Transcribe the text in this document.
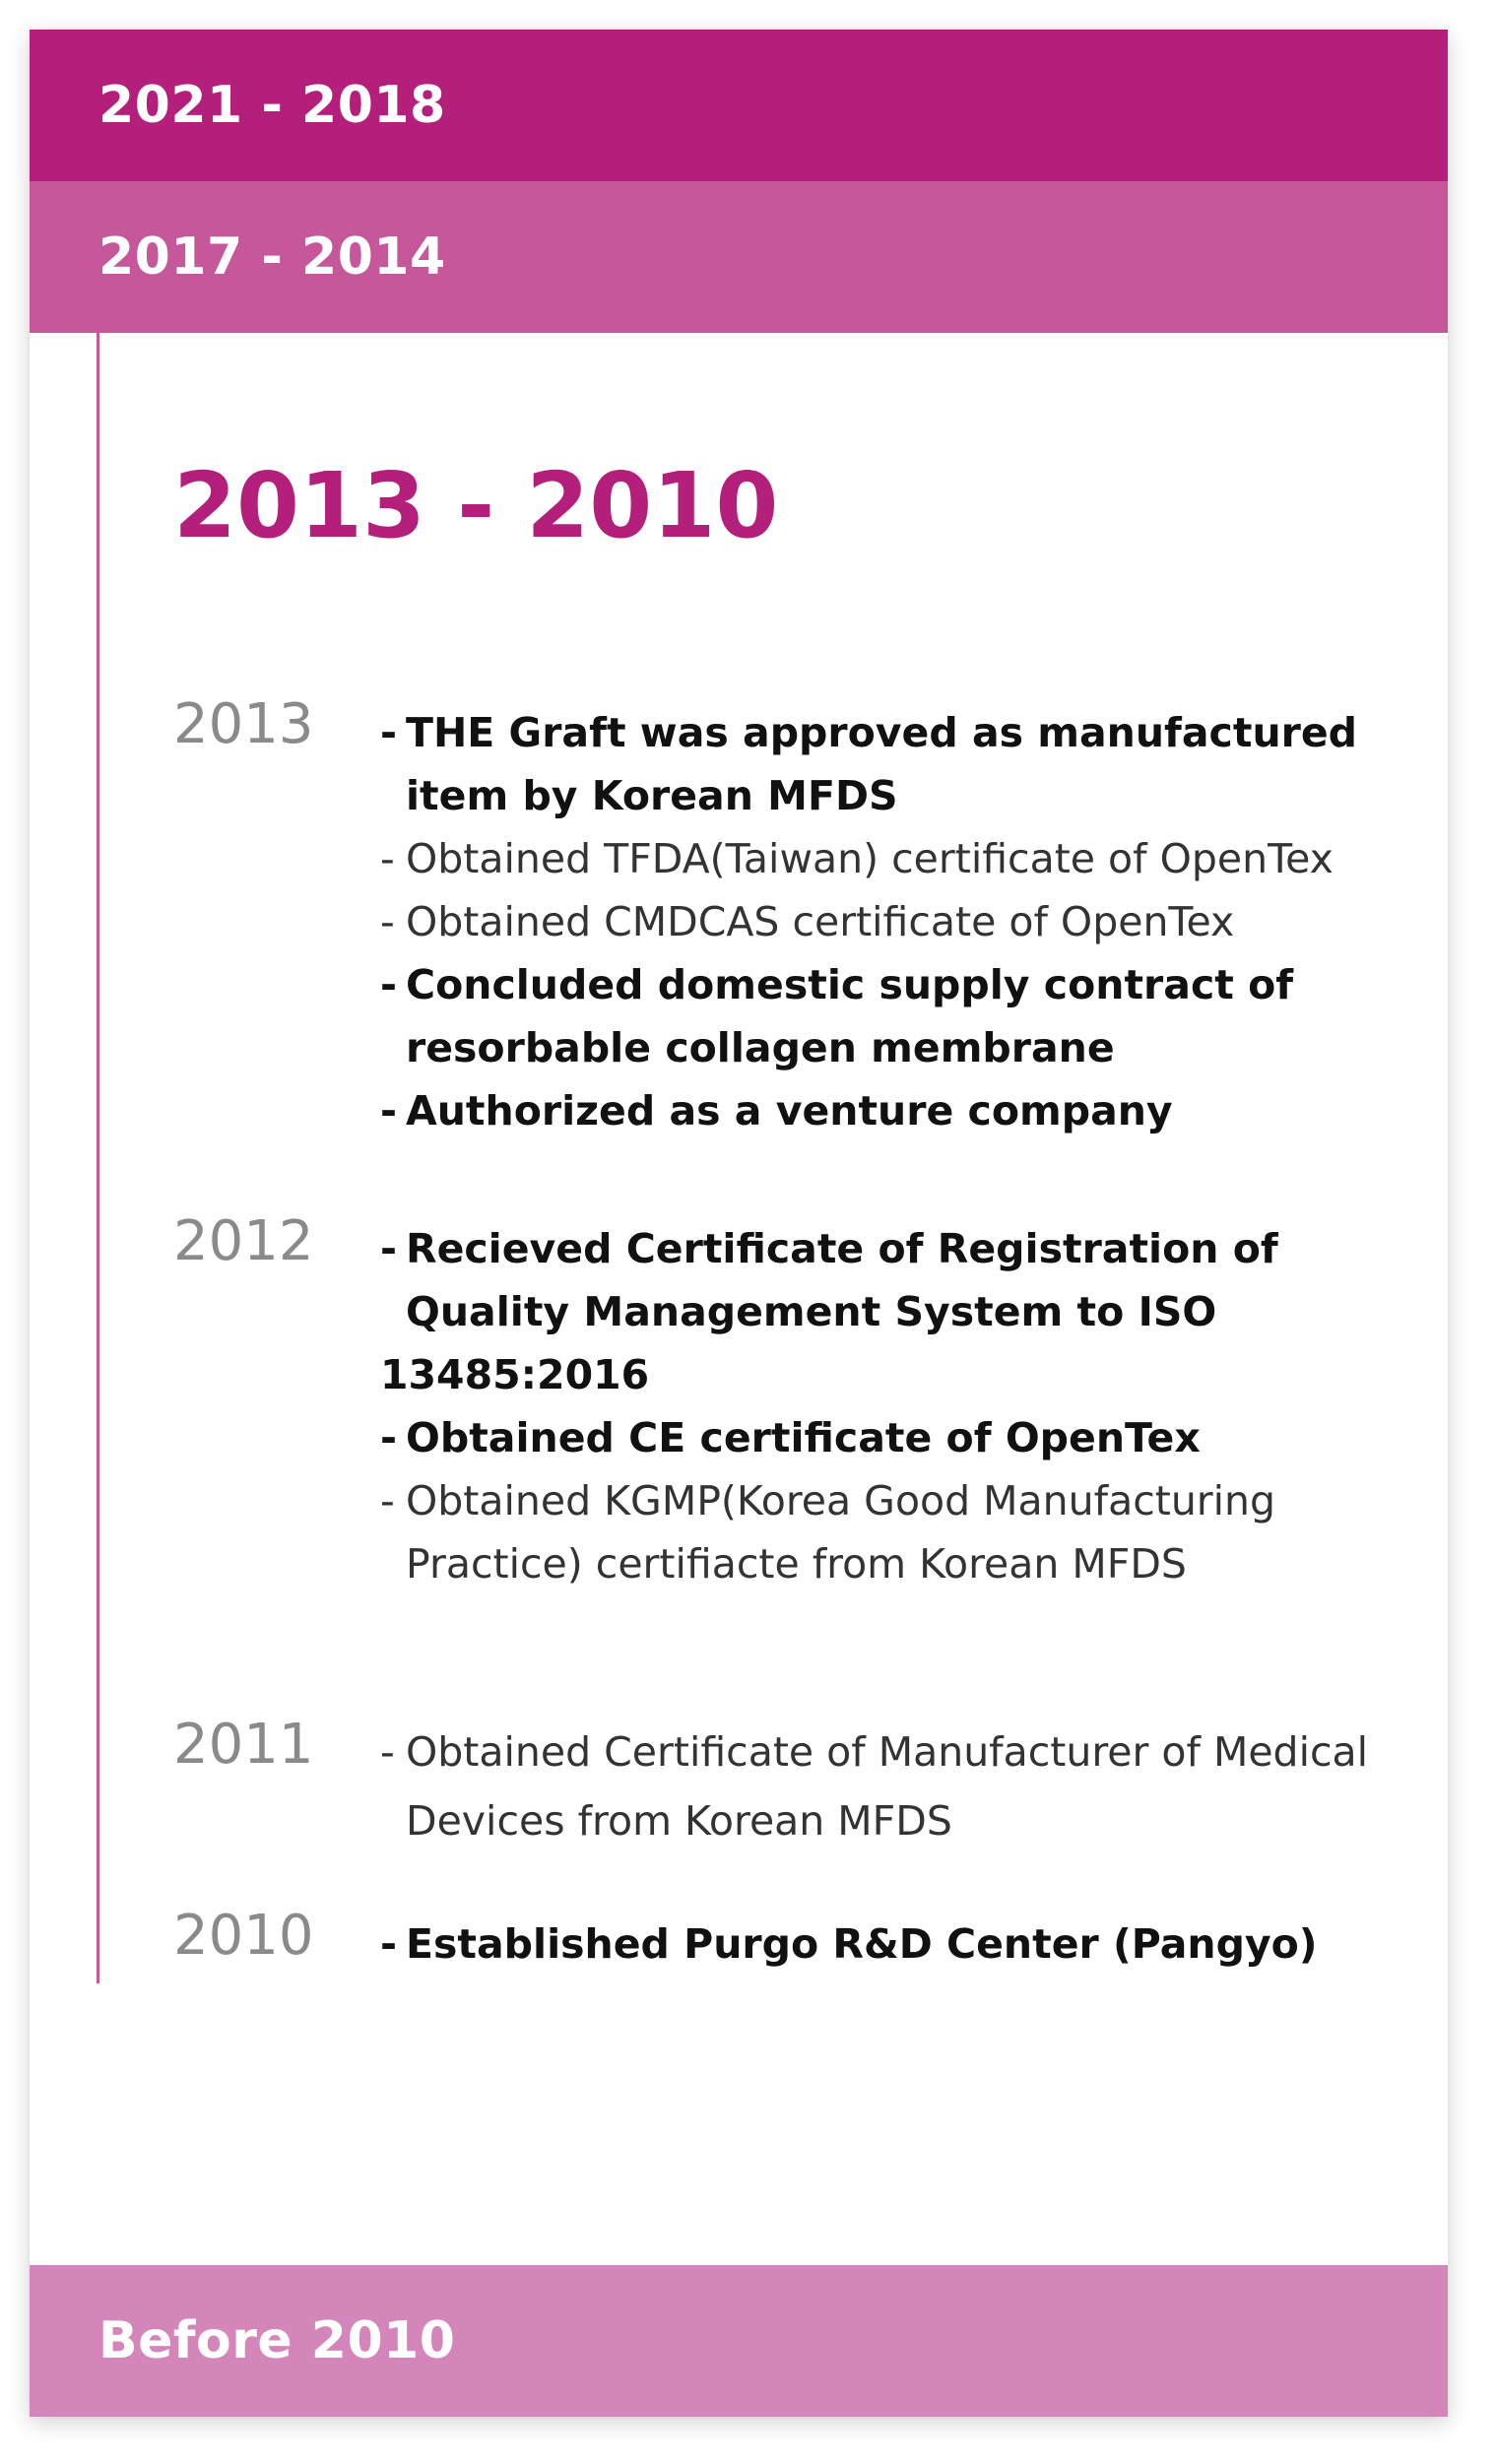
2021 - 2018
2017 - 2014
2013 - 2010
2013 - THE Graft was approved as manufactured item by Korean MFDS
- Obtained TFDA(Taiwan) certificate of OpenTex
- Obtained CMDCAS certificate of OpenTex
- Concluded domestic supply contract of resorbable collagen membrane
- Authorized as a venture company
2012 - Recieved Certificate of Registration of Quality Management System to ISO
13485:2016
- Obtained CE certificate of OpenTex
- Obtained KGMP(Korea Good Manufacturing Practice) certifiacte from Korean MFDS
2011 - Obtained Certificate of Manufacturer of Medical Devices from Korean MFDS
2010 - Established Purgo R&D Center (Pangyo)
Before 2010
